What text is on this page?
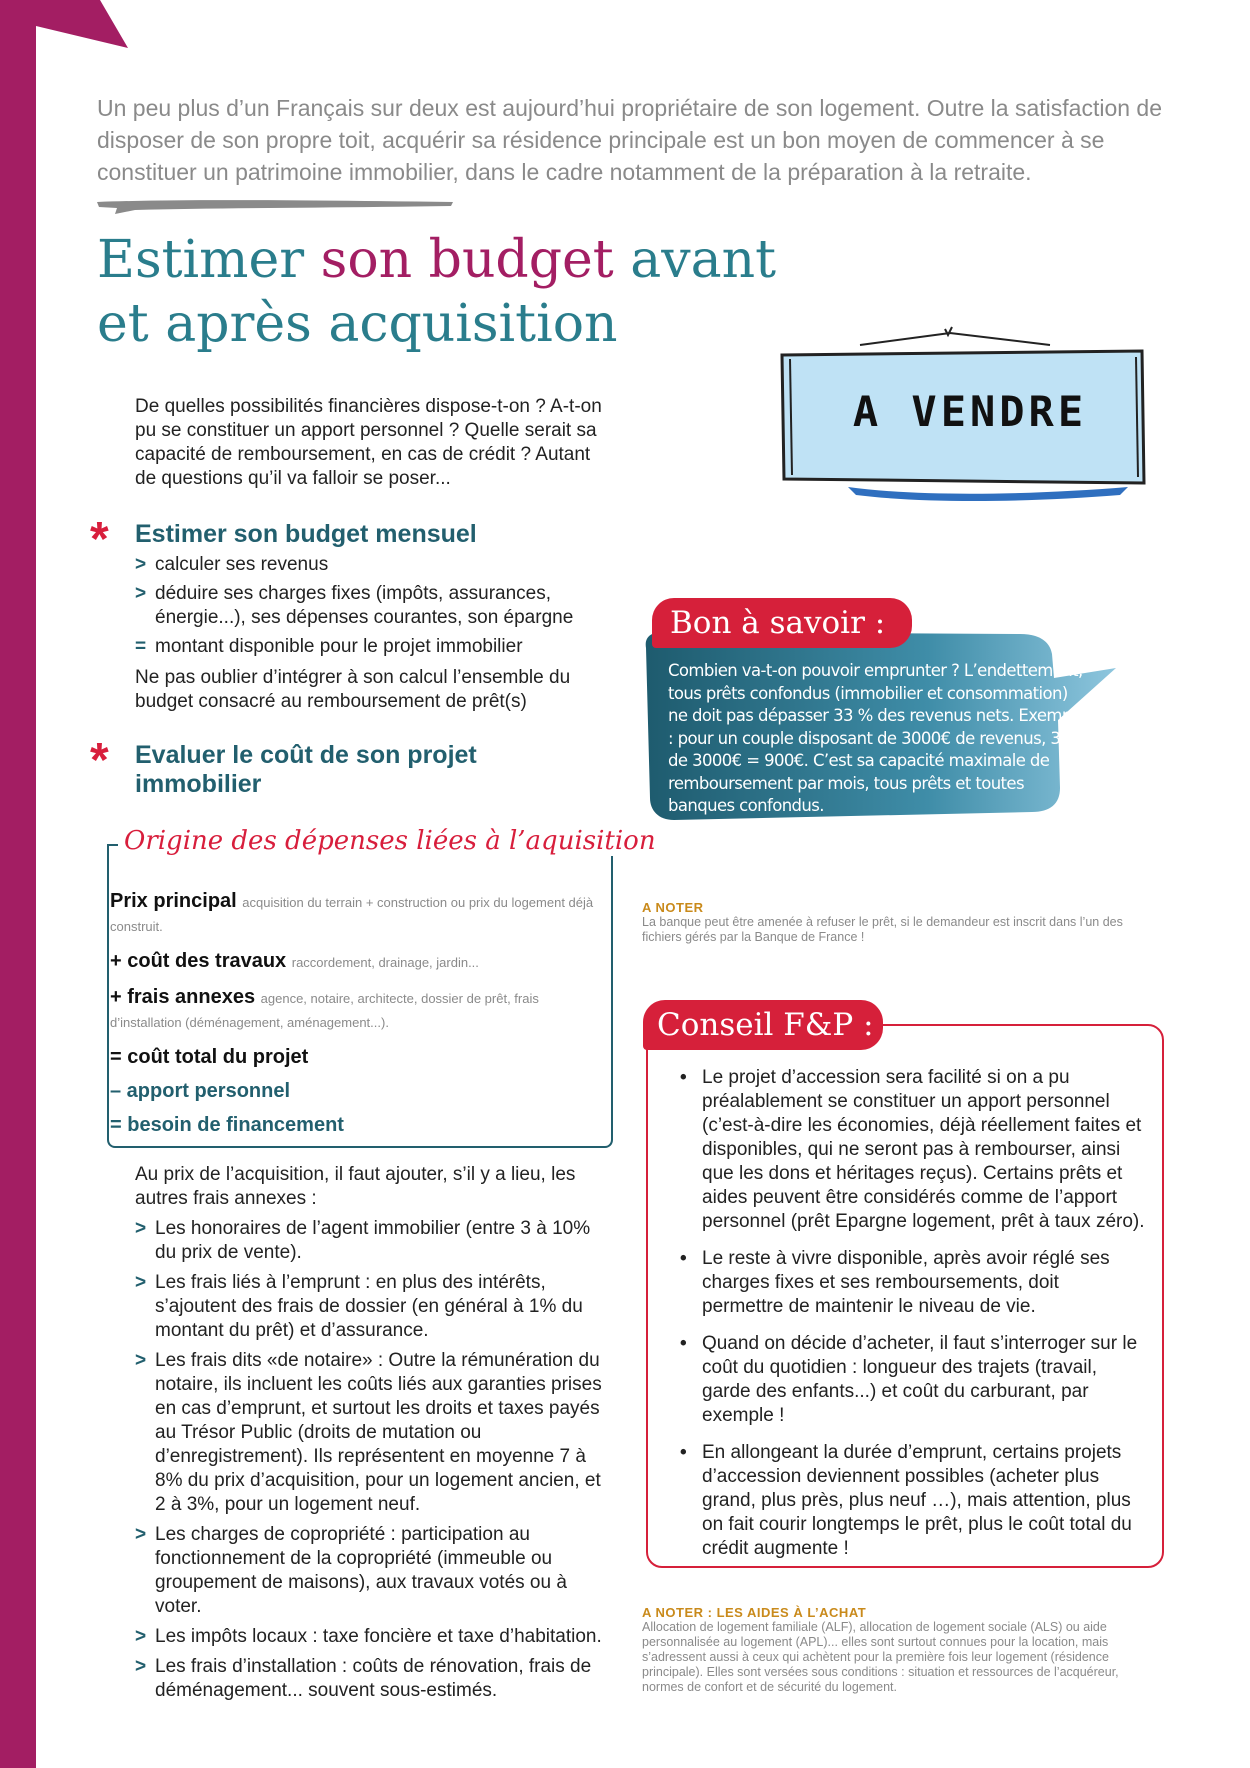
Un peu plus d’un Français sur deux est aujourd’hui propriétaire de son logement. Outre la satisfaction de disposer de son propre toit, acquérir sa résidence principale est un bon moyen de commencer à se constituer un patrimoine immobilier, dans le cadre notamment de la préparation à la retraite.
Estimer son budget avant et après acquisition
A VENDRE
De quelles possibilités financières dispose-t-on ? A-t-on pu se constituer un apport personnel ? Quelle serait sa capacité de remboursement, en cas de crédit ? Autant de questions qu’il va falloir se poser...
* Estimer son budget mensuel
> calculer ses revenus
> déduire ses charges fixes (impôts, assurances, énergie...), ses dépenses courantes, son épargne
= montant disponible pour le projet immobilier
Ne pas oublier d’intégrer à son calcul l’ensemble du budget consacré au remboursement de prêt(s)
* Evaluer le coût de son projet immobilier
Origine des dépenses liées à l’aquisition
Prix principal acquisition du terrain + construction ou prix du logement déjà construit.
+ coût des travaux raccordement, drainage, jardin...
+ frais annexes agence, notaire, architecte, dossier de prêt, frais d’installation (déménagement, aménagement...).
= coût total du projet
– apport personnel
= besoin de financement
Au prix de l’acquisition, il faut ajouter, s’il y a lieu, les autres frais annexes :
> Les honoraires de l’agent immobilier (entre 3 à 10% du prix de vente).
> Les frais liés à l’emprunt : en plus des intérêts, s’ajoutent des frais de dossier (en général à 1% du montant du prêt) et d’assurance.
> Les frais dits «de notaire» : Outre la rémunération du notaire, ils incluent les coûts liés aux garanties prises en cas d’emprunt, et surtout les droits et taxes payés au Trésor Public (droits de mutation ou d’enregistrement). Ils représentent en moyenne 7 à 8% du prix d’acquisition, pour un logement ancien, et 2 à 3%, pour un logement neuf.
> Les charges de copropriété : participation au fonctionnement de la copropriété (immeuble ou groupement de maisons), aux travaux votés ou à voter.
> Les impôts locaux : taxe foncière et taxe d’habitation.
> Les frais d’installation : coûts de rénovation, frais de déménagement... souvent sous-estimés.
Bon à savoir :
Combien va-t-on pouvoir emprunter ? L’endettement, tous prêts confondus (immobilier et consommation) ne doit pas dépasser 33 % des revenus nets. Exemple : pour un couple disposant de 3000€ de revenus, 30% de 3000€ = 900€. C’est sa capacité maximale de remboursement par mois, tous prêts et toutes banques confondus.
A NOTER
La banque peut être amenée à refuser le prêt, si le demandeur est inscrit dans l’un des fichiers gérés par la Banque de France !
Conseil F&P :
• Le projet d’accession sera facilité si on a pu préalablement se constituer un apport personnel (c’est-à-dire les économies, déjà réellement faites et disponibles, qui ne seront pas à rembourser, ainsi que les dons et héritages reçus). Certains prêts et aides peuvent être considérés comme de l’apport personnel (prêt Epargne logement, prêt à taux zéro).
• Le reste à vivre disponible, après avoir réglé ses charges fixes et ses remboursements, doit permettre de maintenir le niveau de vie.
• Quand on décide d’acheter, il faut s’interroger sur le coût du quotidien : longueur des trajets (travail, garde des enfants...) et coût du carburant, par exemple !
• En allongeant la durée d’emprunt, certains projets d’accession deviennent possibles (acheter plus grand, plus près, plus neuf …), mais attention, plus on fait courir longtemps le prêt, plus le coût total du crédit augmente !
A NOTER : LES AIDES À L’ACHAT
Allocation de logement familiale (ALF), allocation de logement sociale (ALS) ou aide personnalisée au logement (APL)... elles sont surtout connues pour la location, mais s’adressent aussi à ceux qui achètent pour la première fois leur logement (résidence principale). Elles sont versées sous conditions : situation et ressources de l’acquéreur, normes de confort et de sécurité du logement.
